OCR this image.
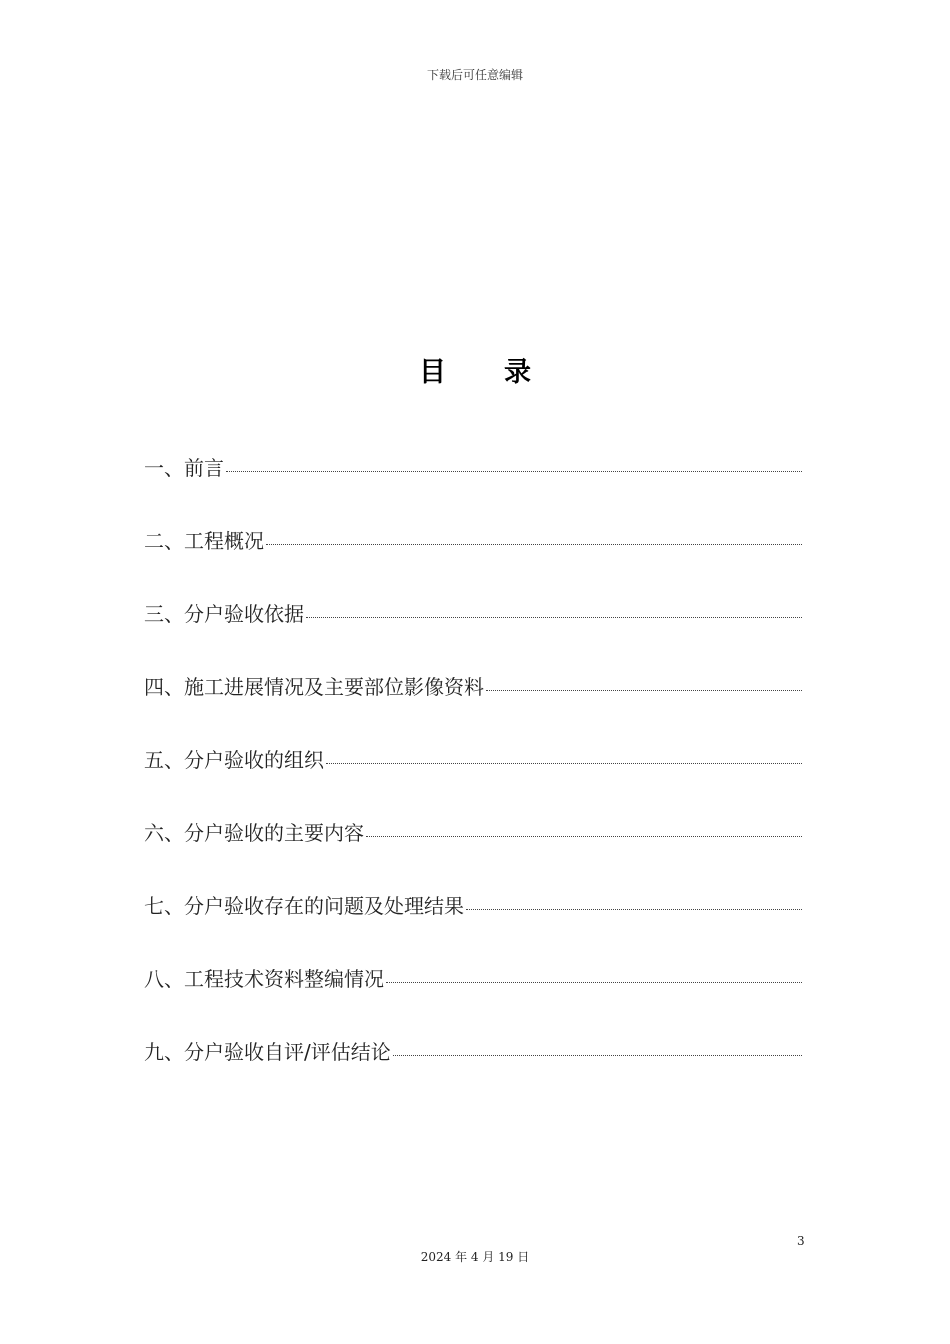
下载后可任意编辑
目录
一、前言
二、工程概况
三、分户验收依据
四、施工进展情况及主要部位影像资料
五、分户验收的组织
六、分户验收的主要内容
七、分户验收存在的问题及处理结果
八、工程技术资料整编情况
九、分户验收自评/评估结论
3
2024 年 4 月 19 日
